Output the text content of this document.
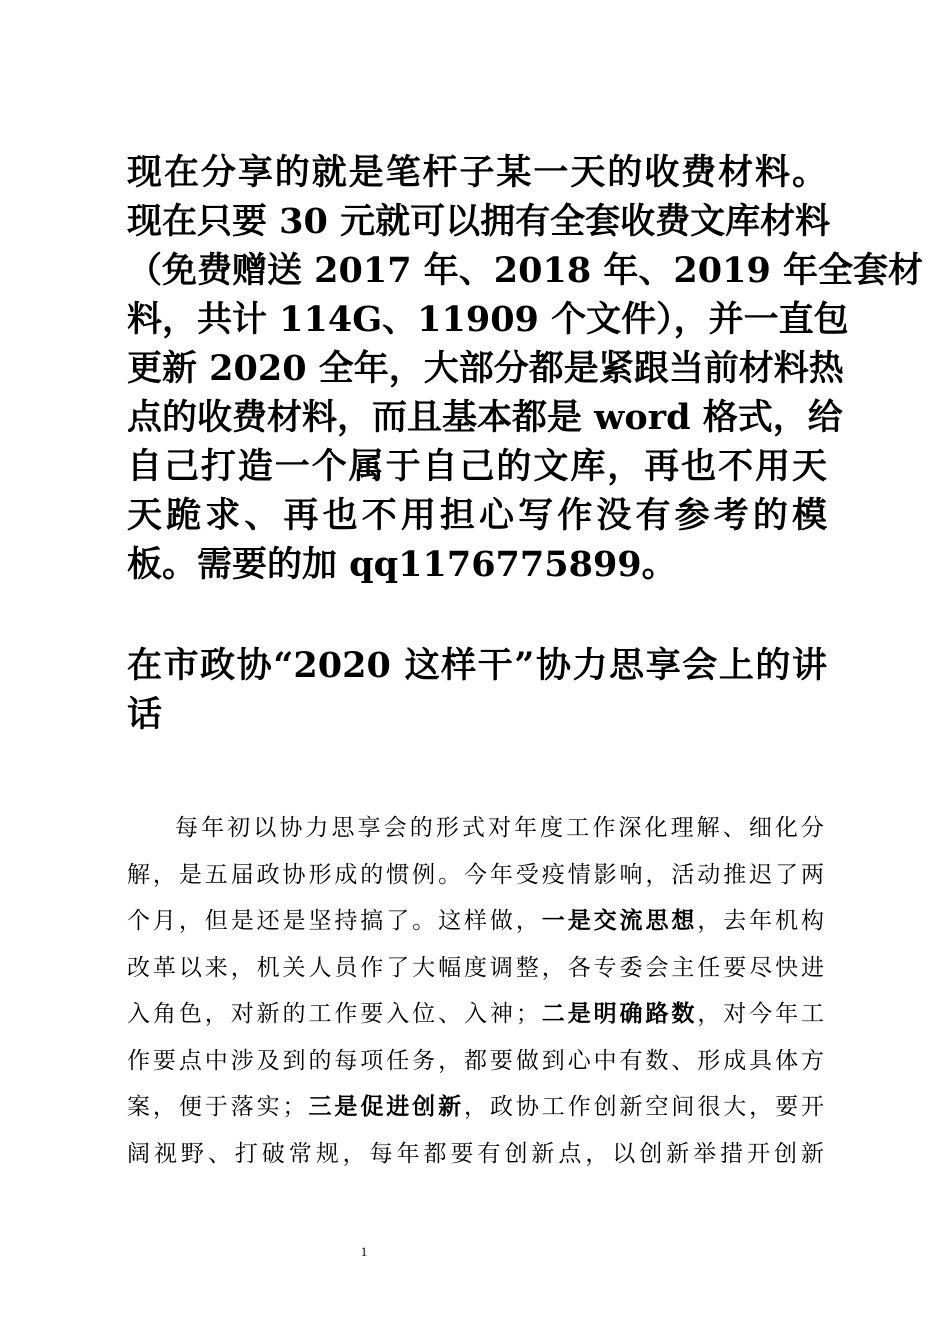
现在分享的就是笔杆子某一天的收费材料。
现在只要 30 元就可以拥有全套收费文库材料
（免费赠送 2017 年、2018 年、2019 年全套材
料，共计 114G、11909 个文件），并一直包
更新 2020 全年，大部分都是紧跟当前材料热
点的收费材料，而且基本都是 word 格式，给
自己打造一个属于自己的文库，再也不用天
天跪求、再也不用担心写作没有参考的模
板。需要的加 qq1176775899。
在市政协“2020 这样干”协力思享会上的讲
话
每年初以协力思享会的形式对年度工作深化理解、细化分
解，是五届政协形成的惯例。今年受疫情影响，活动推迟了两
个月，但是还是坚持搞了。这样做，一是交流思想，去年机构
改革以来，机关人员作了大幅度调整，各专委会主任要尽快进
入角色，对新的工作要入位、入神；二是明确路数，对今年工
作要点中涉及到的每项任务，都要做到心中有数、形成具体方
案，便于落实；三是促进创新，政协工作创新空间很大，要开
阔视野、打破常规，每年都要有创新点，以创新举措开创新
1
